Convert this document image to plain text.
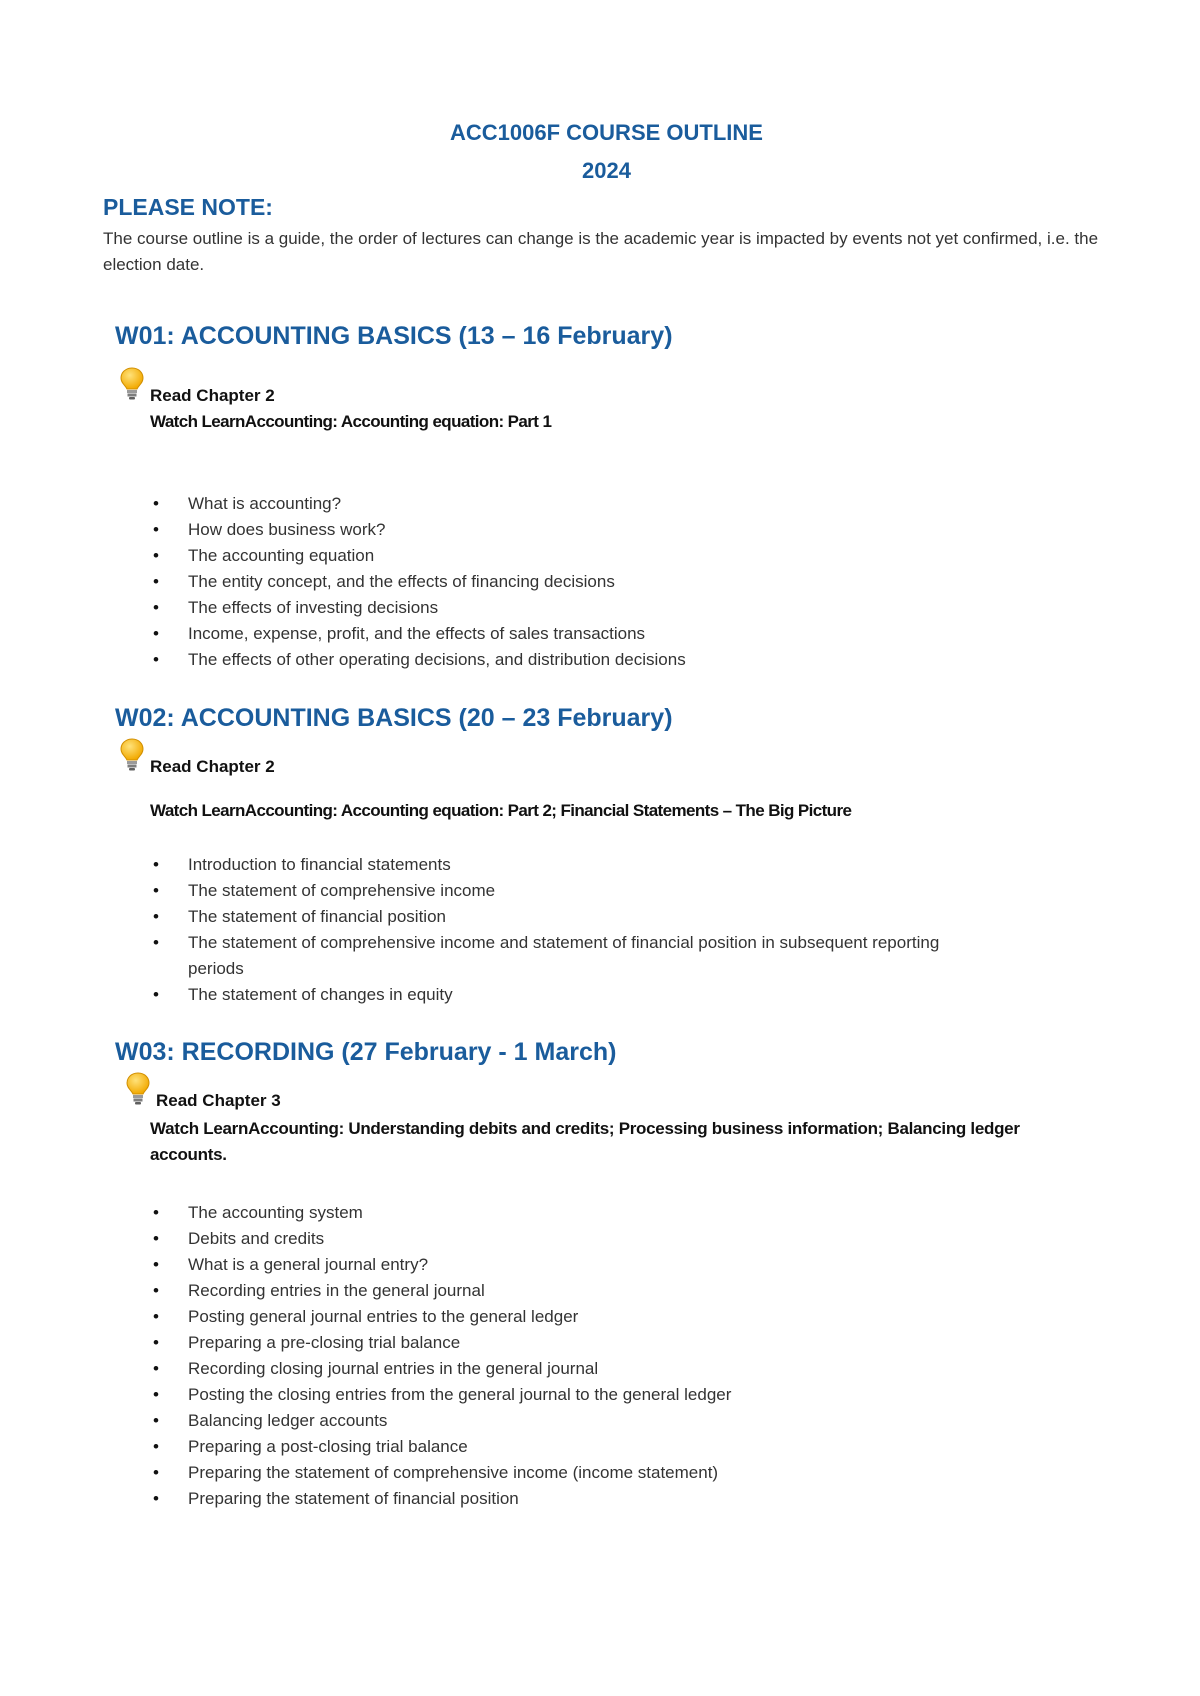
ACC1006F COURSE OUTLINE
2024
PLEASE NOTE:
The course outline is a guide, the order of lectures can change is the academic year is impacted by events not yet confirmed, i.e. the election date.
W01: ACCOUNTING BASICS (13 – 16 February)
Read Chapter 2
Watch LearnAccounting: Accounting equation: Part 1
• What is accounting?
• How does business work?
• The accounting equation
• The entity concept, and the effects of financing decisions
• The effects of investing decisions
• Income, expense, profit, and the effects of sales transactions
• The effects of other operating decisions, and distribution decisions
W02: ACCOUNTING BASICS (20 – 23 February)
Read Chapter 2
Watch LearnAccounting: Accounting equation: Part 2; Financial Statements – The Big Picture
• Introduction to financial statements
• The statement of comprehensive income
• The statement of financial position
• The statement of comprehensive income and statement of financial position in subsequent reporting periods
• The statement of changes in equity
W03: RECORDING (27 February - 1 March)
Read Chapter 3
Watch LearnAccounting: Understanding debits and credits; Processing business information; Balancing ledger accounts.
• The accounting system
• Debits and credits
• What is a general journal entry?
• Recording entries in the general journal
• Posting general journal entries to the general ledger
• Preparing a pre-closing trial balance
• Recording closing journal entries in the general journal
• Posting the closing entries from the general journal to the general ledger
• Balancing ledger accounts
• Preparing a post-closing trial balance
• Preparing the statement of comprehensive income (income statement)
• Preparing the statement of financial position
